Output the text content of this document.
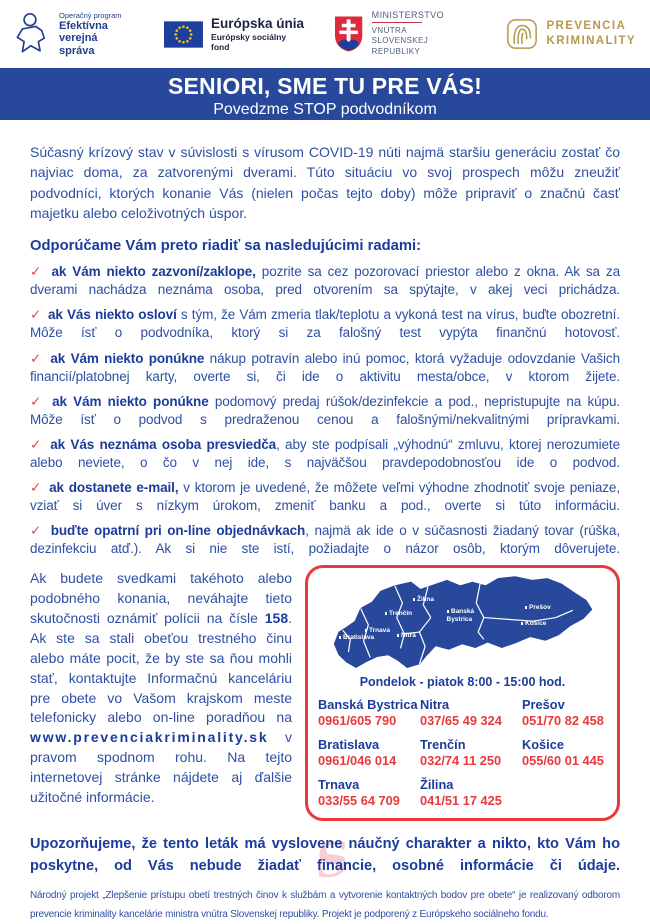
Operačný program
Efektívna
verejná správa
Európska únia
Európsky sociálny fond
MINISTERSTVO
VNÚTRA
SLOVENSKEJ REPUBLIKY
PREVENCIA
KRIMINALITY
SENIORI, SME TU PRE VÁS!
Povedzme STOP podvodníkom

Súčasný krízový stav v súvislosti s vírusom COVID-19 núti najmä staršiu generáciu zostať čo najviac doma, za zatvorenými dverami. Túto situáciu vo svoj prospech môžu zneužiť podvodníci, ktorých konanie Vás (nielen počas tejto doby) môže pripraviť o značnú časť majetku alebo celoživotných úspor.

Odporúčame Vám preto riadiť sa nasledujúcimi radami:

✓ ak Vám niekto zazvoní/zaklope, pozrite sa cez pozorovací priestor alebo z okna. Ak sa za dverami nachádza neznáma osoba, pred otvorením sa spýtajte, v akej veci prichádza.

✓ ak Vás niekto osloví s tým, že Vám zmeria tlak/teplotu a vykoná test na vírus, buďte obozretní. Môže ísť o podvodníka, ktorý si za falošný test vypýta finančnú hotovosť.

✓ ak Vám niekto ponúkne nákup potravín alebo inú pomoc, ktorá vyžaduje odovzdanie Vašich financií/platobnej karty, overte si, či ide o aktivitu mesta/obce, v ktorom žijete.

✓ ak Vám niekto ponúkne podomový predaj rúšok/dezinfekcie a pod., nepristupujte na kúpu. Môže ísť o podvod s predraženou cenou a falošnými/nekvalitnými prípravkami.

✓ ak Vás neznáma osoba presviedča, aby ste podpísali „výhodnú“ zmluvu, ktorej nerozumiete alebo neviete, o čo v nej ide, s najväčšou pravdepodobnosťou ide o podvod.

✓ ak dostanete e-mail, v ktorom je uvedené, že môžete veľmi výhodne zhodnotiť svoje peniaze, vziať si úver s nízkym úrokom, zmeniť banku a pod., overte si túto informáciu.

✓ buďte opatrní pri on-line objednávkach, najmä ak ide o v súčasnosti žiadaný tovar (rúška, dezinfekciu atď.). Ak si nie ste istí, požiadajte o názor osôb, ktorým dôverujete.

Ak budete svedkami takéhoto alebo podobného konania, neváhajte tieto skutočnosti oznámiť polícii na čísle 158. Ak ste sa stali obeťou trestného činu alebo máte pocit, že by ste sa ňou mohli stať, kontaktujte Informačnú kanceláriu pre obete vo Vašom krajskom meste telefonicky alebo on-line poradňou na www.prevenciakriminality.sk v pravom spodnom rohu. Na tejto internetovej stránke nájdete aj ďalšie užitočné informácie.

Žilina
Trenčín	Banská Bystrica
Prešov
Košice
Trnava
Bratislava	Nitra
Pondelok - piatok 8:00 - 15:00 hod.
Banská Bystrica
0961/605 790
Nitra
037/65 49 324
Prešov
051/70 82 458
Bratislava
0961/046 014
Trenčín
032/74 11 250
Košice
055/60 01 445
Trnava
033/55 64 709
Žilina
041/51 17 425

S
Upozorňujeme, že tento leták má vyslovene náučný charakter a nikto, kto Vám ho poskytne, od Vás nebude žiadať financie, osobné informácie či údaje.

Národný projekt „Zlepšenie prístupu obetí trestných činov k službám a vytvorenie kontaktných bodov pre obete“ je realizovaný odborom prevencie kriminality kancelárie ministra vnútra Slovenskej republiky. Projekt je podporený z Európskeho sociálneho fondu.
